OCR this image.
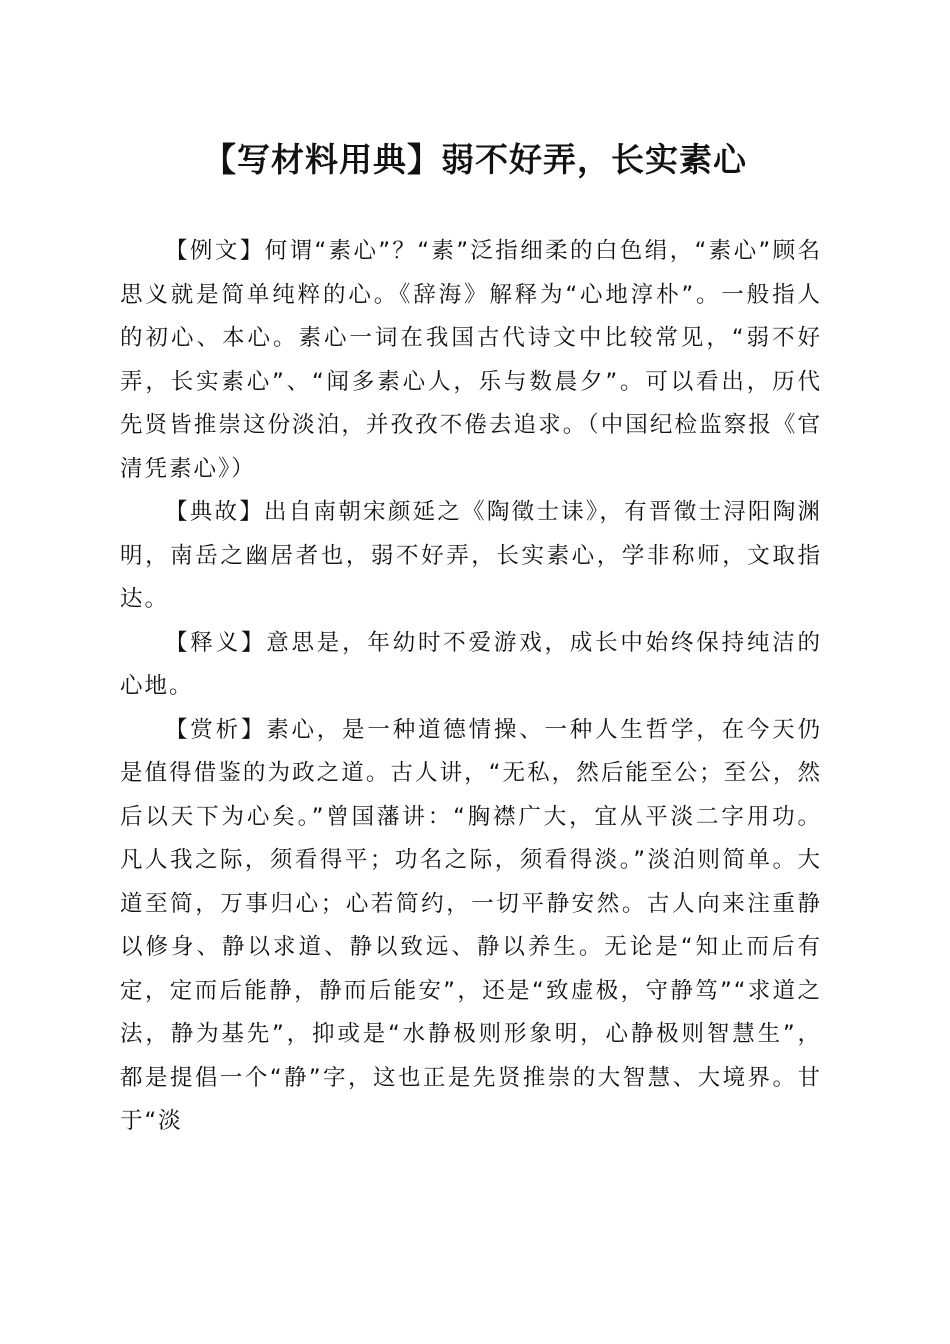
【写材料用典】弱不好弄，长实素心

【例文】何谓“素心”？“素”泛指细柔的白色绢，“素心”顾名思义就是简单纯粹的心。《辞海》解释为“心地淳朴”。一般指人的初心、本心。素心一词在我国古代诗文中比较常见，“弱不好弄，长实素心”、“闻多素心人，乐与数晨夕”。可以看出，历代先贤皆推崇这份淡泊，并孜孜不倦去追求。（中国纪检监察报《官清凭素心》）

【典故】出自南朝宋颜延之《陶徵士诔》，有晋徵士浔阳陶渊明，南岳之幽居者也，弱不好弄，长实素心，学非称师，文取指达。

【释义】意思是，年幼时不爱游戏，成长中始终保持纯洁的心地。

【赏析】素心，是一种道德情操、一种人生哲学，在今天仍是值得借鉴的为政之道。古人讲，“无私，然后能至公；至公，然后以天下为心矣。”曾国藩讲：“胸襟广大，宜从平淡二字用功。凡人我之际，须看得平；功名之际，须看得淡。”淡泊则简单。大道至简，万事归心；心若简约，一切平静安然。古人向来注重静以修身、静以求道、静以致远、静以养生。无论是“知止而后有定，定而后能静，静而后能安”，还是“致虚极，守静笃”“求道之法，静为基先”，抑或是“水静极则形象明，心静极则智慧生”，都是提倡一个“静”字，这也正是先贤推崇的大智慧、大境界。甘于“淡
